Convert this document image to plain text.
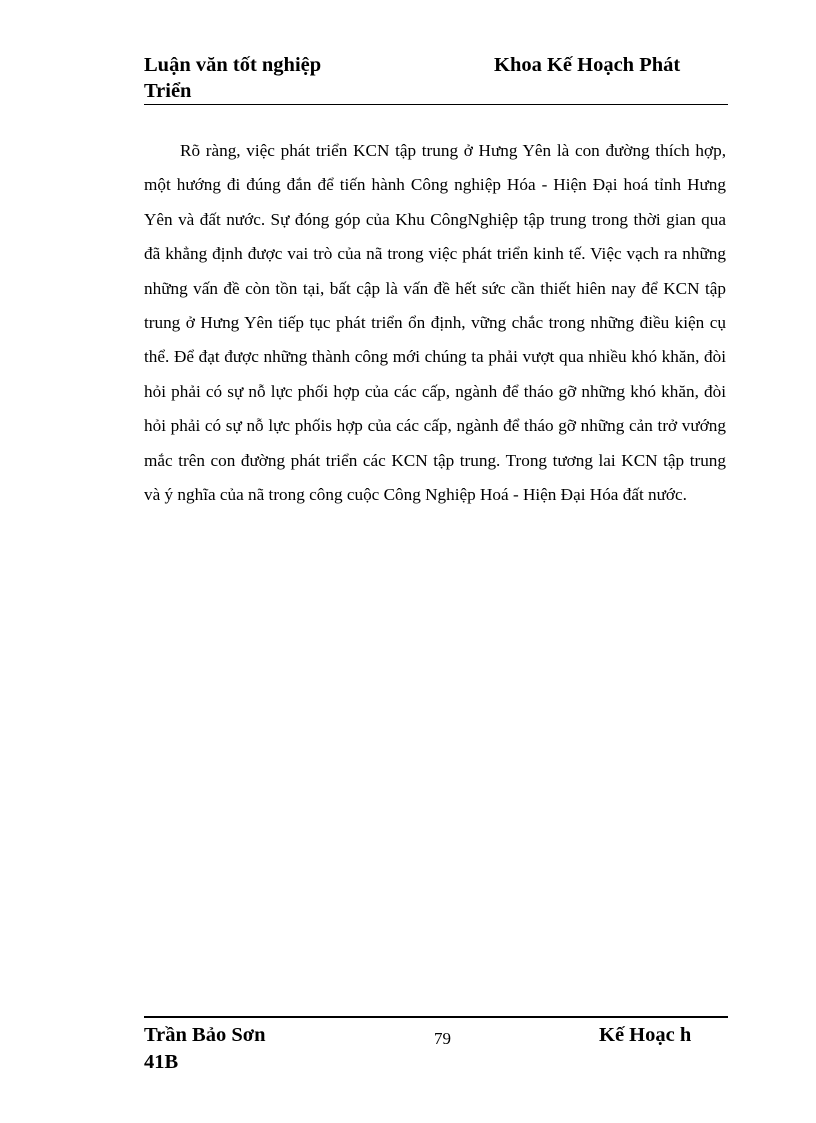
Luận văn tốt nghiệp	Khoa Kế Hoạch Phát
Triển

Rõ ràng, việc phát triển KCN tập trung ở Hưng Yên là con đường thích hợp, một hướng đi đúng đắn để tiến hành Công nghiệp Hóa - Hiện Đại hoá tỉnh Hưng Yên và đất nước. Sự đóng góp của Khu CôngNghiệp tập trung trong thời gian qua đã khẳng định được vai trò của nã trong việc phát triển kinh tế. Việc vạch ra những những vấn đề còn tồn tại, bất cập là vấn đề hết sức cần thiết hiên nay để KCN tập trung ở Hưng Yên tiếp tục phát triển ổn định, vững chắc trong những điều kiện cụ thể. Để đạt được những thành công mới chúng ta phải vượt qua nhiều khó khăn, đòi hỏi phải có sự nỗ lực phối hợp của các cấp, ngành để tháo gỡ những khó khăn, đòi hỏi phải có sự nỗ lực phốis hợp của các cấp, ngành để tháo gỡ những cản trở vướng mắc trên con đường phát triển các KCN tập trung. Trong tương lai KCN tập trung và ý nghĩa của nã trong công cuộc Công Nghiệp Hoá - Hiện Đại Hóa đất nước.

Trần Bảo Sơn	79	Kế Hoạc h
41B
